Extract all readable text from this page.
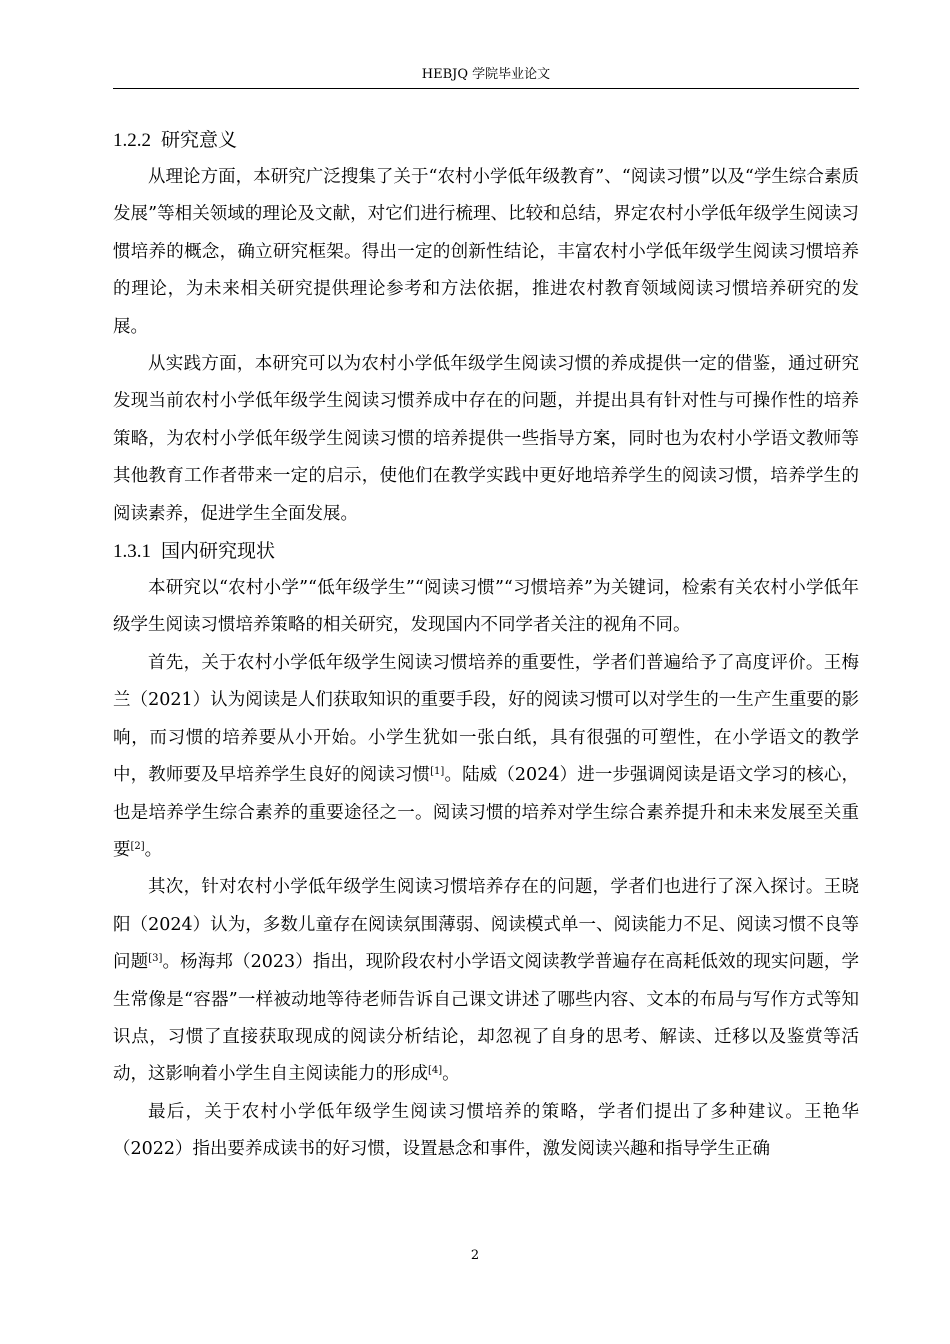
HEBJQ 学院毕业论文
1.2.2 研究意义

从理论方面，本研究广泛搜集了关于“农村小学低年级教育”、“阅读习惯”以及“学生综合素质发展”等相关领域的理论及文献，对它们进行梳理、比较和总结，界定农村小学低年级学生阅读习惯培养的概念，确立研究框架。得出一定的创新性结论，丰富农村小学低年级学生阅读习惯培养的理论，为未来相关研究提供理论参考和方法依据，推进农村教育领域阅读习惯培养研究的发展。

从实践方面，本研究可以为农村小学低年级学生阅读习惯的养成提供一定的借鉴，通过研究发现当前农村小学低年级学生阅读习惯养成中存在的问题，并提出具有针对性与可操作性的培养策略，为农村小学低年级学生阅读习惯的培养提供一些指导方案，同时也为农村小学语文教师等其他教育工作者带来一定的启示，使他们在教学实践中更好地培养学生的阅读习惯，培养学生的阅读素养，促进学生全面发展。

1.3.1 国内研究现状

本研究以“农村小学”“低年级学生”“阅读习惯”“习惯培养”为关键词，检索有关农村小学低年级学生阅读习惯培养策略的相关研究，发现国内不同学者关注的视角不同。

首先，关于农村小学低年级学生阅读习惯培养的重要性，学者们普遍给予了高度评价。王梅兰（2021）认为阅读是人们获取知识的重要手段，好的阅读习惯可以对学生的一生产生重要的影响，而习惯的培养要从小开始。小学生犹如一张白纸，具有很强的可塑性，在小学语文的教学中，教师要及早培养学生良好的阅读习惯[1]。陆威（2024）进一步强调阅读是语文学习的核心，也是培养学生综合素养的重要途径之一。阅读习惯的培养对学生综合素养提升和未来发展至关重要[2]。

其次，针对农村小学低年级学生阅读习惯培养存在的问题，学者们也进行了深入探讨。王晓阳（2024）认为，多数儿童存在阅读氛围薄弱、阅读模式单一、阅读能力不足、阅读习惯不良等问题[3]。杨海邦（2023）指出，现阶段农村小学语文阅读教学普遍存在高耗低效的现实问题，学生常像是“容器”一样被动地等待老师告诉自己课文讲述了哪些内容、文本的布局与写作方式等知识点，习惯了直接获取现成的阅读分析结论，却忽视了自身的思考、解读、迁移以及鉴赏等活动，这影响着小学生自主阅读能力的形成[4]。

最后，关于农村小学低年级学生阅读习惯培养的策略，学者们提出了多种建议。王艳华（2022）指出要养成读书的好习惯，设置悬念和事件，激发阅读兴趣和指导学生正确

2
